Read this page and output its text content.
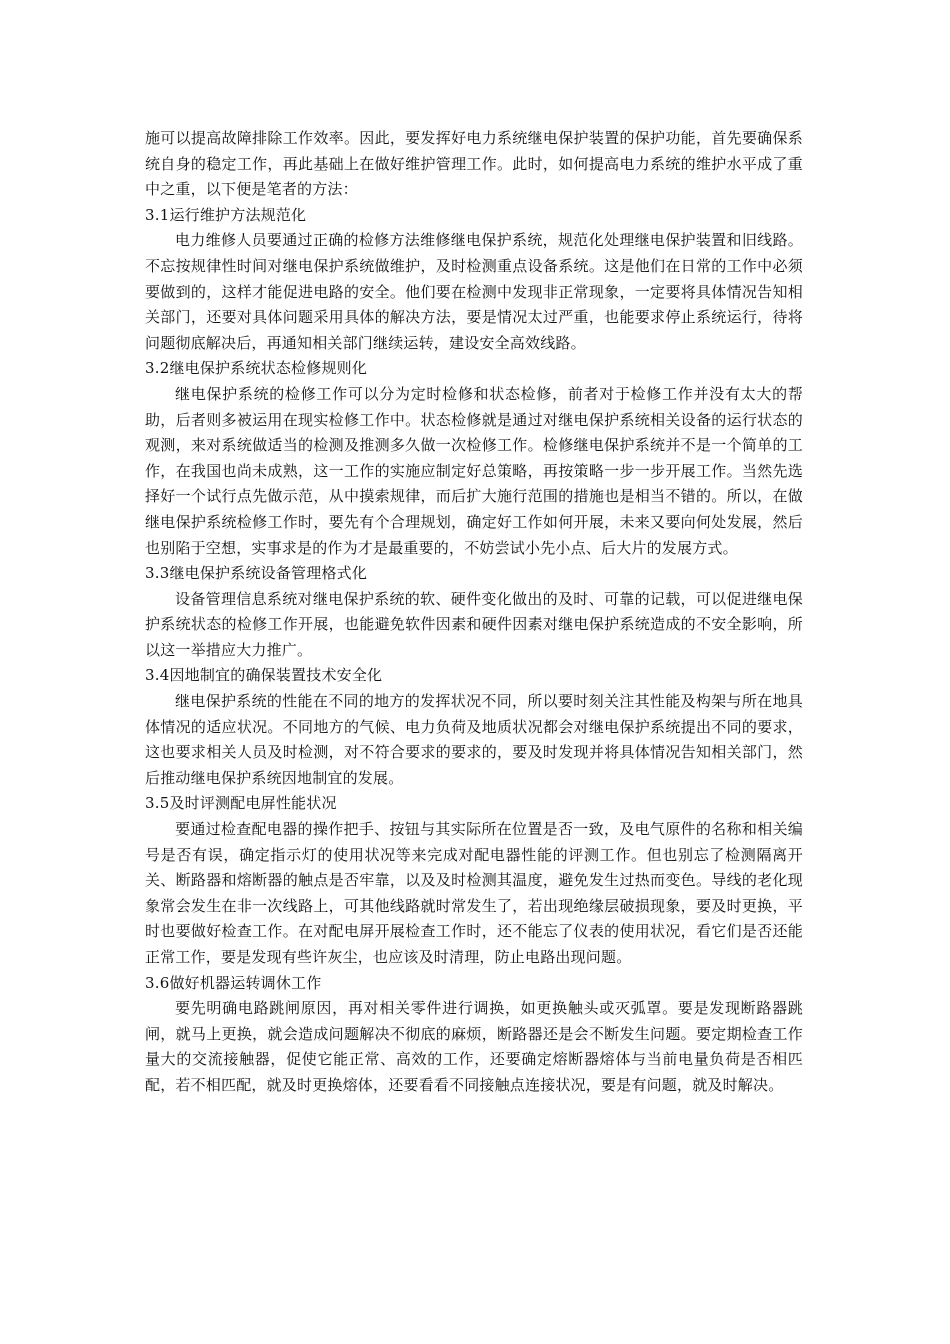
施可以提高故障排除工作效率。因此，要发挥好电力系统继电保护装置的保护功能，首先要确保系统自身的稳定工作，再此基础上在做好维护管理工作。此时，如何提高电力系统的维护水平成了重中之重，以下便是笔者的方法：

3.1运行维护方法规范化

电力维修人员要通过正确的检修方法维修继电保护系统，规范化处理继电保护装置和旧线路。不忘按规律性时间对继电保护系统做维护，及时检测重点设备系统。这是他们在日常的工作中必须要做到的，这样才能促进电路的安全。他们要在检测中发现非正常现象，一定要将具体情况告知相关部门，还要对具体问题采用具体的解决方法，要是情况太过严重，也能要求停止系统运行，待将问题彻底解决后，再通知相关部门继续运转，建设安全高效线路。

3.2继电保护系统状态检修规则化

继电保护系统的检修工作可以分为定时检修和状态检修，前者对于检修工作并没有太大的帮助，后者则多被运用在现实检修工作中。状态检修就是通过对继电保护系统相关设备的运行状态的观测，来对系统做适当的检测及推测多久做一次检修工作。检修继电保护系统并不是一个简单的工作，在我国也尚未成熟，这一工作的实施应制定好总策略，再按策略一步一步开展工作。当然先选择好一个试行点先做示范，从中摸索规律，而后扩大施行范围的措施也是相当不错的。所以，在做继电保护系统检修工作时，要先有个合理规划，确定好工作如何开展，未来又要向何处发展，然后也别陷于空想，实事求是的作为才是最重要的，不妨尝试小先小点、后大片的发展方式。

3.3继电保护系统设备管理格式化

设备管理信息系统对继电保护系统的软、硬件变化做出的及时、可靠的记载，可以促进继电保护系统状态的检修工作开展，也能避免软件因素和硬件因素对继电保护系统造成的不安全影响，所以这一举措应大力推广。

3.4因地制宜的确保装置技术安全化

继电保护系统的性能在不同的地方的发挥状况不同，所以要时刻关注其性能及构架与所在地具体情况的适应状况。不同地方的气候、电力负荷及地质状况都会对继电保护系统提出不同的要求，这也要求相关人员及时检测，对不符合要求的要求的，要及时发现并将具体情况告知相关部门，然后推动继电保护系统因地制宜的发展。

3.5及时评测配电屏性能状况

要通过检查配电器的操作把手、按钮与其实际所在位置是否一致，及电气原件的名称和相关编号是否有误，确定指示灯的使用状况等来完成对配电器性能的评测工作。但也别忘了检测隔离开关、断路器和熔断器的触点是否牢靠，以及及时检测其温度，避免发生过热而变色。导线的老化现象常会发生在非一次线路上，可其他线路就时常发生了，若出现绝缘层破损现象，要及时更换，平时也要做好检查工作。在对配电屏开展检查工作时，还不能忘了仪表的使用状况，看它们是否还能正常工作，要是发现有些许灰尘，也应该及时清理，防止电路出现问题。

3.6做好机器运转调休工作

要先明确电路跳闸原因，再对相关零件进行调换，如更换触头或灭弧罩。要是发现断路器跳闸，就马上更换，就会造成问题解决不彻底的麻烦，断路器还是会不断发生问题。要定期检查工作量大的交流接触器，促使它能正常、高效的工作，还要确定熔断器熔体与当前电量负荷是否相匹配，若不相匹配，就及时更换熔体，还要看看不同接触点连接状况，要是有问题，就及时解决。
